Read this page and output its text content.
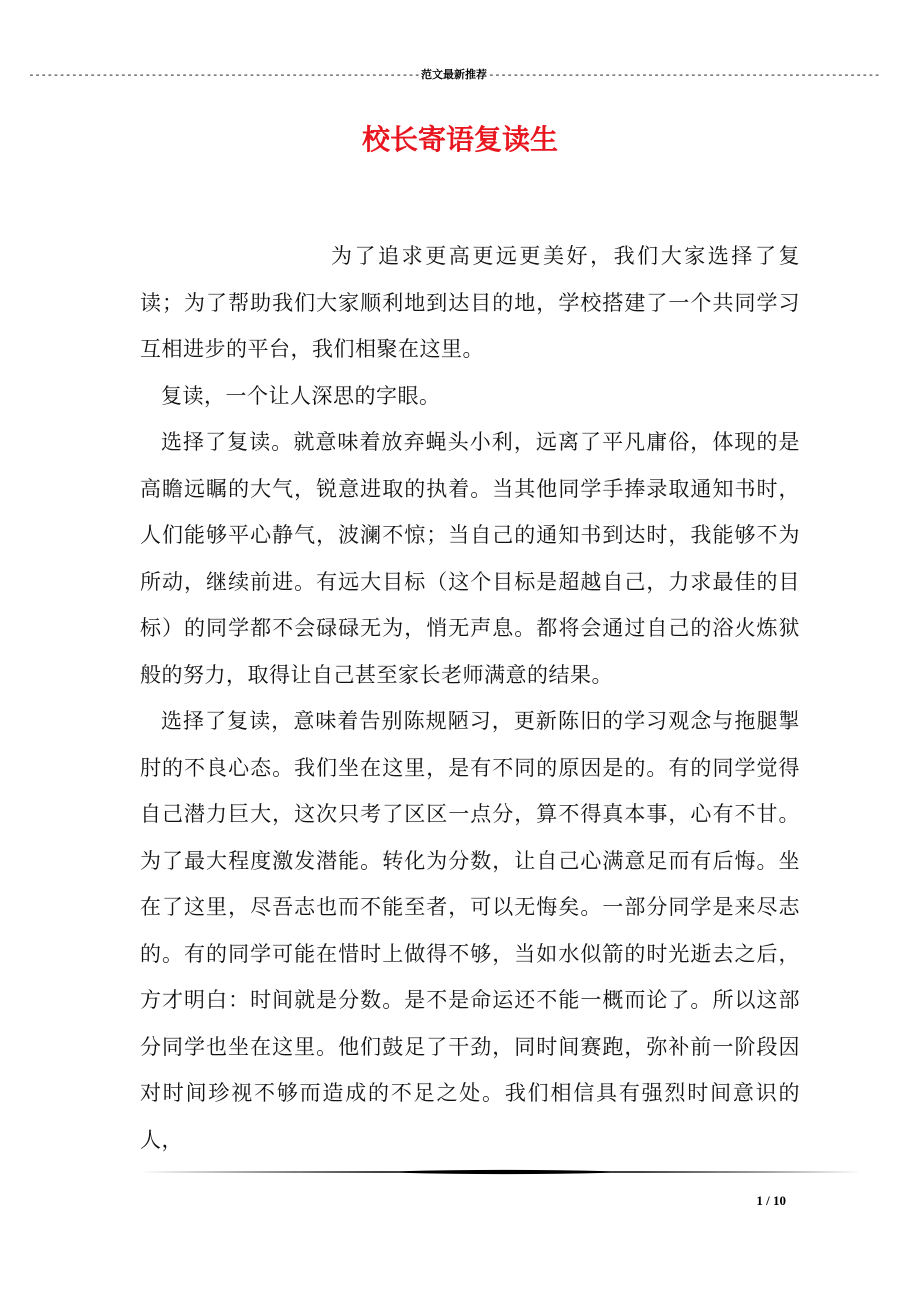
---------------------------------------------------------------- 范文最新推荐 ----------------------------------------------------------------
校长寄语复读生

为了追求更高更远更美好，我们大家选择了复读；为了帮助我们大家顺利地到达目的地，学校搭建了一个共同学习互相进步的平台，我们相聚在这里。

复读，一个让人深思的字眼。

选择了复读。就意味着放弃蝇头小利，远离了平凡庸俗，体现的是高瞻远瞩的大气，锐意进取的执着。当其他同学手捧录取通知书时，人们能够平心静气，波澜不惊；当自己的通知书到达时，我能够不为所动，继续前进。有远大目标（这个目标是超越自己，力求最佳的目标）的同学都不会碌碌无为，悄无声息。都将会通过自己的浴火炼狱般的努力，取得让自己甚至家长老师满意的结果。

选择了复读，意味着告别陈规陋习，更新陈旧的学习观念与拖腿掣肘的不良心态。我们坐在这里，是有不同的原因是的。有的同学觉得自己潜力巨大，这次只考了区区一点分，算不得真本事，心有不甘。为了最大程度激发潜能。转化为分数，让自己心满意足而有后悔。坐在了这里，尽吾志也而不能至者，可以无悔矣。一部分同学是来尽志的。有的同学可能在惜时上做得不够，当如水似箭的时光逝去之后，方才明白：时间就是分数。是不是命运还不能一概而论了。所以这部分同学也坐在这里。他们鼓足了干劲，同时间赛跑，弥补前一阶段因对时间珍视不够而造成的不足之处。我们相信具有强烈时间意识的人，

1 / 10
